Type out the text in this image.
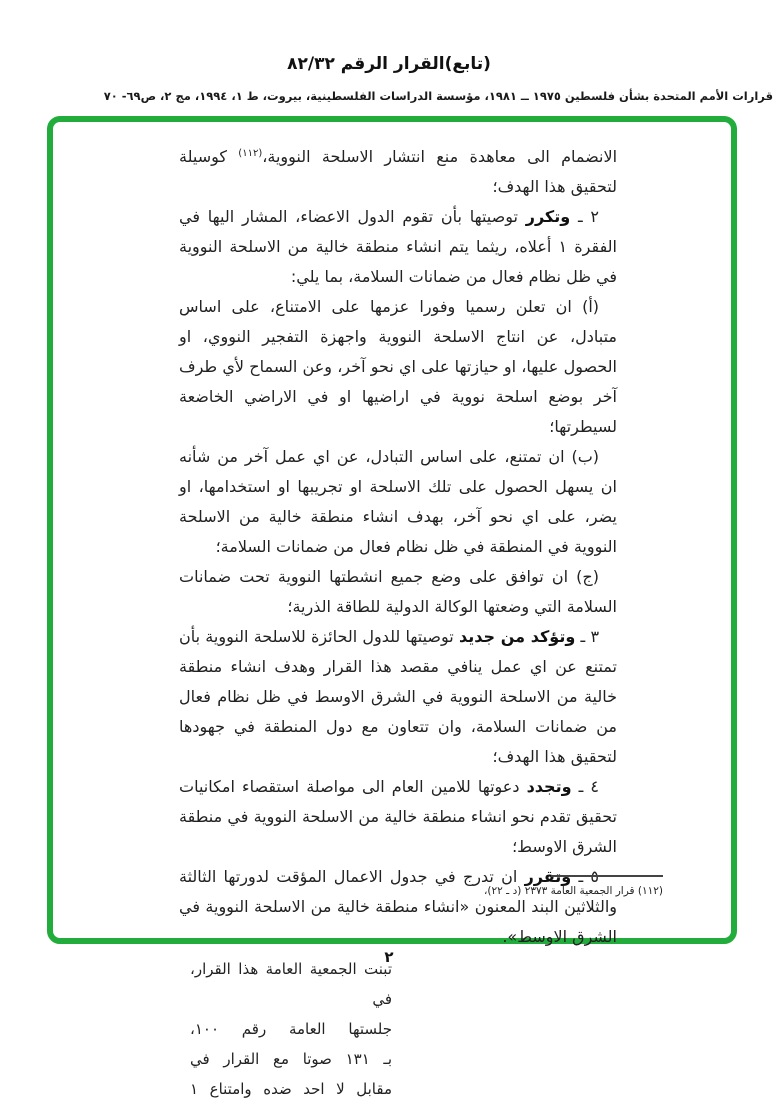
(تابع)القرار الرقم ٨٢/٣٢
قرارات الأمم المتحدة بشأن فلسطين ١٩٧٥ ــ ١٩٨١، مؤسسة الدراسات الفلسطينية، بيروت، ط ١، ١٩٩٤، مج ٢، ص٦٩- ٧٠

الانضمام الى معاهدة منع انتشار الاسلحة النووية،$^{(١١٢)}$ كوسيلة لتحقيق هذا الهدف؛

٢ ـ وتكرر توصيتها بأن تقوم الدول الاعضاء، المشار اليها في الفقرة ١ أعلاه، ريثما يتم انشاء منطقة خالية من الاسلحة النووية في ظل نظام فعال من ضمانات السلامة، بما يلي:

(أ) ان تعلن رسميا وفورا عزمها على الامتناع، على اساس متبادل، عن انتاج الاسلحة النووية واجهزة التفجير النووي، او الحصول عليها، او حيازتها على اي نحو آخر، وعن السماح لأي طرف آخر بوضع اسلحة نووية في اراضيها او في الاراضي الخاضعة لسيطرتها؛

(ب) ان تمتنع، على اساس التبادل، عن اي عمل آخر من شأنه ان يسهل الحصول على تلك الاسلحة او تجريبها او استخدامها، او يضر، على اي نحو آخر، بهدف انشاء منطقة خالية من الاسلحة النووية في المنطقة في ظل نظام فعال من ضمانات السلامة؛

(ج) ان توافق على وضع جميع انشطتها النووية تحت ضمانات السلامة التي وضعتها الوكالة الدولية للطاقة الذرية؛

٣ ـ وتؤكد من جديد توصيتها للدول الحائزة للاسلحة النووية بأن تمتنع عن اي عمل ينافي مقصد هذا القرار وهدف انشاء منطقة خالية من الاسلحة النووية في الشرق الاوسط في ظل نظام فعال من ضمانات السلامة، وان تتعاون مع دول المنطقة في جهودها لتحقيق هذا الهدف؛

٤ ـ وتجدد دعوتها للامين العام الى مواصلة استقصاء امكانيات تحقيق تقدم نحو انشاء منطقة خالية من الاسلحة النووية في منطقة الشرق الاوسط؛

٥ ـ وتقرر ان تدرج في جدول الاعمال المؤقت لدورتها الثالثة والثلاثين البند المعنون «انشاء منطقة خالية من الاسلحة النووية في الشرق الاوسط».

تبنت الجمعية العامة هذا القرار، في
جلستها العامة رقم ١٠٠،
بـ ١٣١ صوتا مع القرار في
مقابل لا احد ضده وامتناع ١
(١١٢) قرار الجمعية العامة ٢٣٧٣ (د ـ ٢٢)،
٢
